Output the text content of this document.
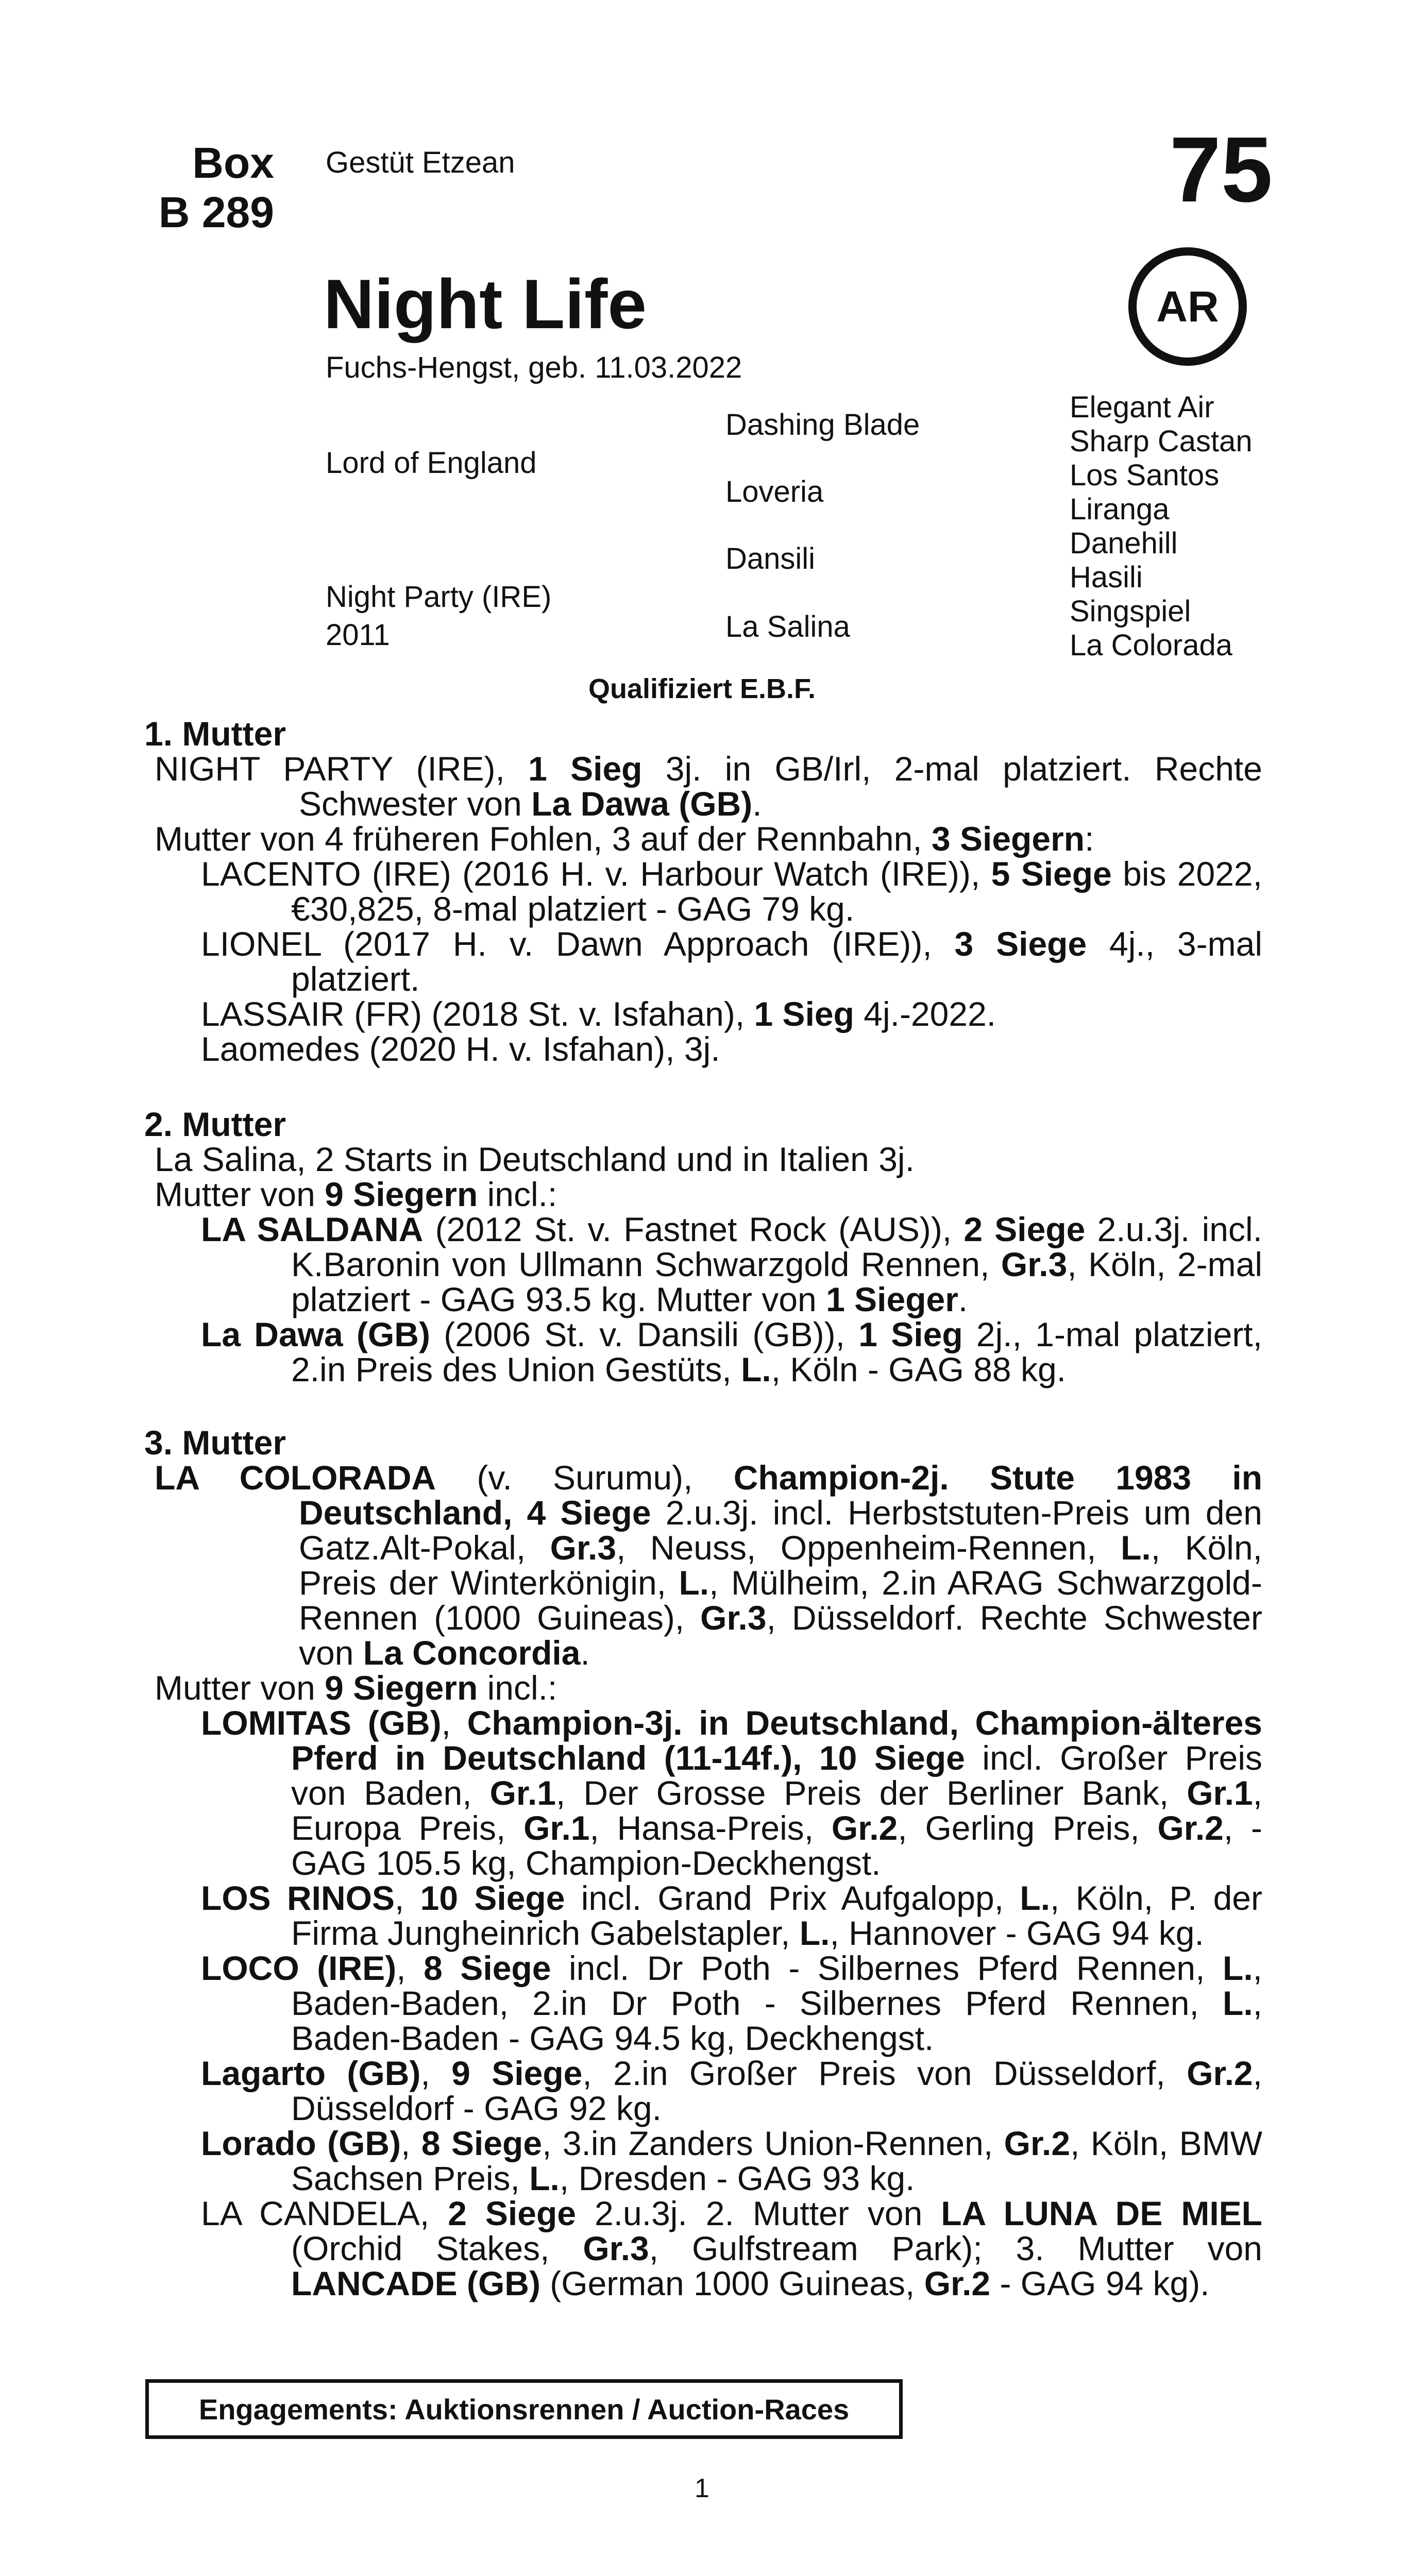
Box
B 289
Gestüt Etzean	75
Night Life	AR
Fuchs-Hengst, geb. 11.03.2022
Lord of England
Night Party (IRE)
2011
Dashing Blade
Loveria
Dansili
La Salina
Elegant Air
Sharp Castan
Los Santos
Liranga
Danehill
Hasili
Singspiel
La Colorada
Qualifiziert E.B.F.
1. Mutter

NIGHT PARTY (IRE), 1 Sieg 3j. in GB/Irl, 2-mal platziert. Rechte Schwester von La Dawa (GB).

Mutter von 4 früheren Fohlen, 3 auf der Rennbahn, 3 Siegern:

LACENTO (IRE) (2016 H. v. Harbour Watch (IRE)), 5 Siege bis 2022, €30,825, 8-mal platziert - GAG 79 kg.

LIONEL (2017 H. v. Dawn Approach (IRE)), 3 Siege 4j., 3-mal platziert.

LASSAIR (FR) (2018 St. v. Isfahan), 1 Sieg 4j.-2022.

Laomedes (2020 H. v. Isfahan), 3j.

2. Mutter

La Salina, 2 Starts in Deutschland und in Italien 3j.

Mutter von 9 Siegern incl.:

LA SALDANA (2012 St. v. Fastnet Rock (AUS)), 2 Siege 2.u.3j. incl. K.Baronin von Ullmann Schwarzgold Rennen, Gr.3, Köln, 2-mal platziert - GAG 93.5 kg. Mutter von 1 Sieger.

La Dawa (GB) (2006 St. v. Dansili (GB)), 1 Sieg 2j., 1-mal platziert, 2.in Preis des Union Gestüts, L., Köln - GAG 88 kg.

3. Mutter

LA COLORADA (v. Surumu), Champion-2j. Stute 1983 in Deutschland, 4 Siege 2.u.3j. incl. Herbststuten-Preis um den Gatz.Alt-Pokal, Gr.3, Neuss, Oppenheim-Rennen, L., Köln, Preis der Winterkönigin, L., Mülheim, 2.in ARAG Schwarzgold-Rennen (1000 Guineas), Gr.3, Düsseldorf. Rechte Schwester von La Concordia.

Mutter von 9 Siegern incl.:

LOMITAS (GB), Champion-3j. in Deutschland, Champion-älteres Pferd in Deutschland (11-14f.), 10 Siege incl. Großer Preis von Baden, Gr.1, Der Grosse Preis der Berliner Bank, Gr.1, Europa Preis, Gr.1, Hansa-Preis, Gr.2, Gerling Preis, Gr.2, - GAG 105.5 kg, Champion-Deckhengst.

LOS RINOS, 10 Siege incl. Grand Prix Aufgalopp, L., Köln, P. der Firma Jungheinrich Gabelstapler, L., Hannover - GAG 94 kg.

LOCO (IRE), 8 Siege incl. Dr Poth - Silbernes Pferd Rennen, L., Baden-Baden, 2.in Dr Poth - Silbernes Pferd Rennen, L., Baden-Baden - GAG 94.5 kg, Deckhengst.

Lagarto (GB), 9 Siege, 2.in Großer Preis von Düsseldorf, Gr.2, Düsseldorf - GAG 92 kg.

Lorado (GB), 8 Siege, 3.in Zanders Union-Rennen, Gr.2, Köln, BMW Sachsen Preis, L., Dresden - GAG 93 kg.

LA CANDELA, 2 Siege 2.u.3j. 2. Mutter von LA LUNA DE MIEL (Orchid Stakes, Gr.3, Gulfstream Park); 3. Mutter von LANCADE (GB) (German 1000 Guineas, Gr.2 - GAG 94 kg).

Engagements: Auktionsrennen / Auction-Races
1
